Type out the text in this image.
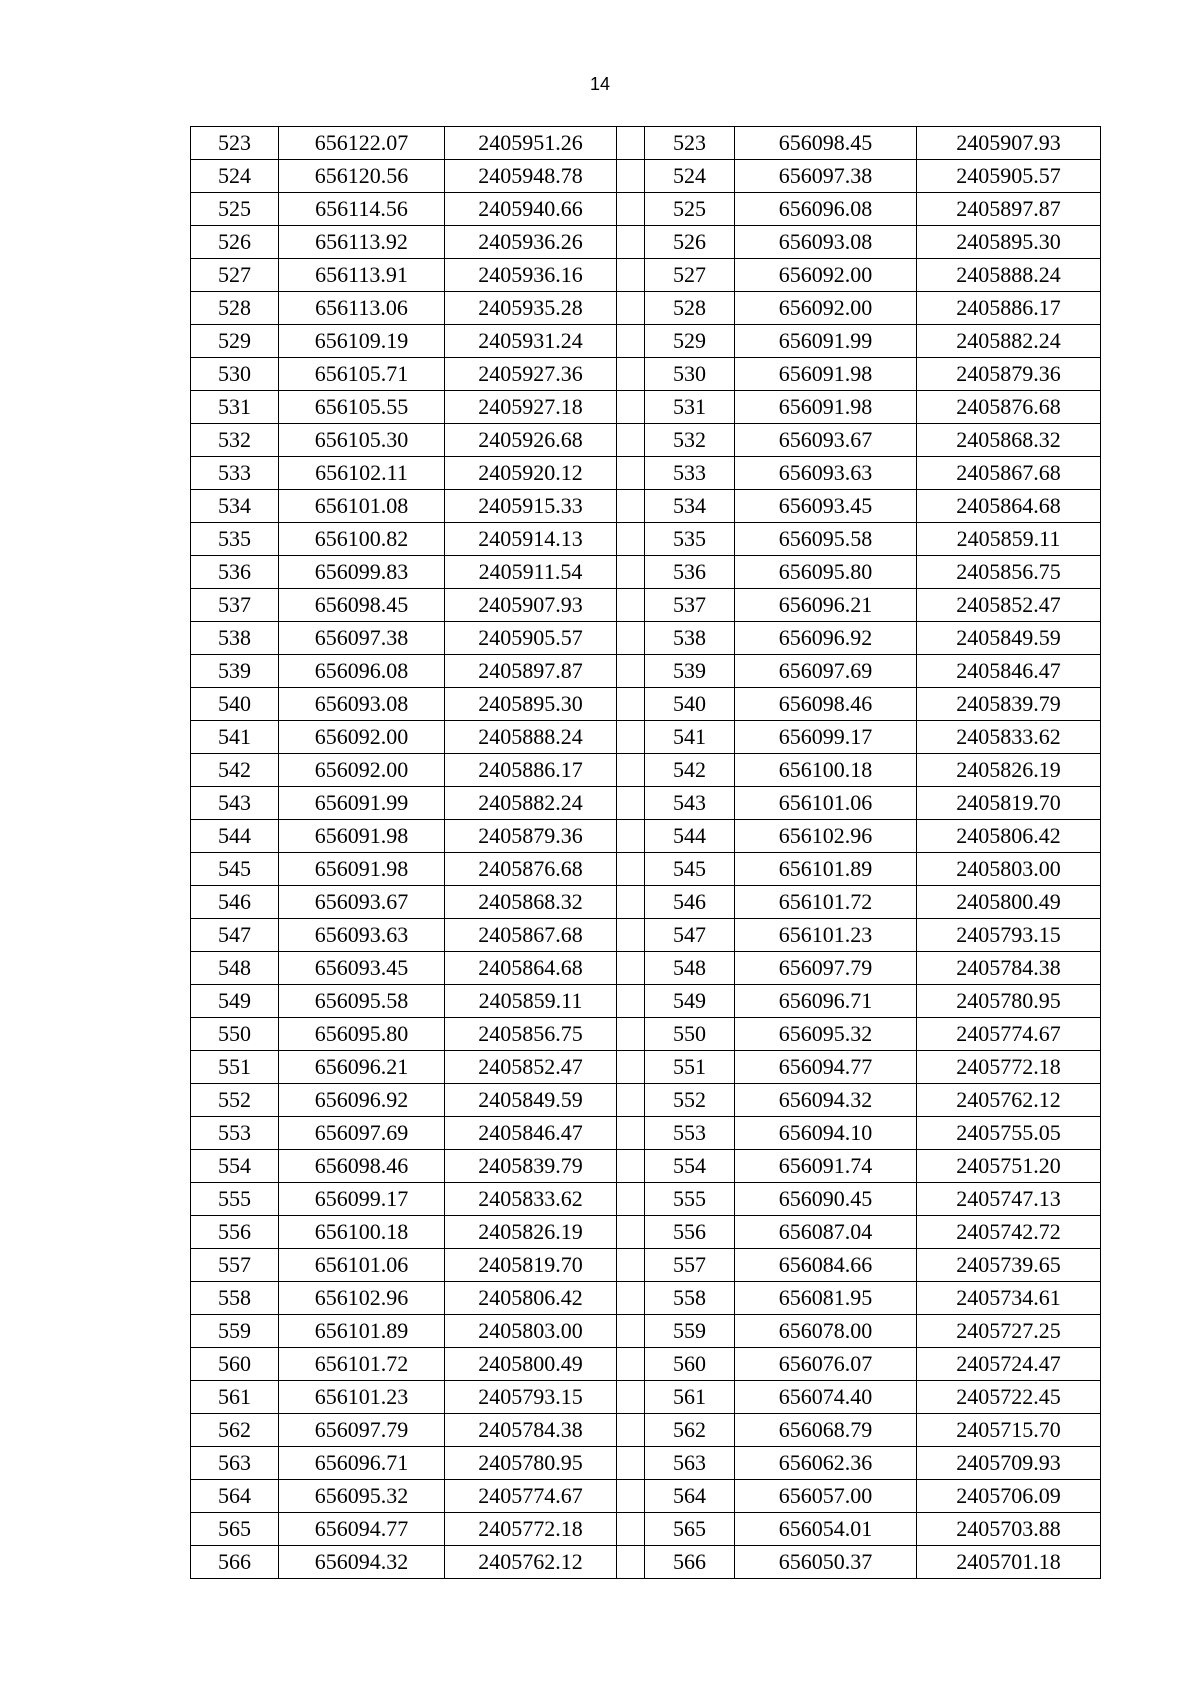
14
523	656122.07	2405951.26		523	656098.45	2405907.93
524	656120.56	2405948.78		524	656097.38	2405905.57
525	656114.56	2405940.66		525	656096.08	2405897.87
526	656113.92	2405936.26		526	656093.08	2405895.30
527	656113.91	2405936.16		527	656092.00	2405888.24
528	656113.06	2405935.28		528	656092.00	2405886.17
529	656109.19	2405931.24		529	656091.99	2405882.24
530	656105.71	2405927.36		530	656091.98	2405879.36
531	656105.55	2405927.18		531	656091.98	2405876.68
532	656105.30	2405926.68		532	656093.67	2405868.32
533	656102.11	2405920.12		533	656093.63	2405867.68
534	656101.08	2405915.33		534	656093.45	2405864.68
535	656100.82	2405914.13		535	656095.58	2405859.11
536	656099.83	2405911.54		536	656095.80	2405856.75
537	656098.45	2405907.93		537	656096.21	2405852.47
538	656097.38	2405905.57		538	656096.92	2405849.59
539	656096.08	2405897.87		539	656097.69	2405846.47
540	656093.08	2405895.30		540	656098.46	2405839.79
541	656092.00	2405888.24		541	656099.17	2405833.62
542	656092.00	2405886.17		542	656100.18	2405826.19
543	656091.99	2405882.24		543	656101.06	2405819.70
544	656091.98	2405879.36		544	656102.96	2405806.42
545	656091.98	2405876.68		545	656101.89	2405803.00
546	656093.67	2405868.32		546	656101.72	2405800.49
547	656093.63	2405867.68		547	656101.23	2405793.15
548	656093.45	2405864.68		548	656097.79	2405784.38
549	656095.58	2405859.11		549	656096.71	2405780.95
550	656095.80	2405856.75		550	656095.32	2405774.67
551	656096.21	2405852.47		551	656094.77	2405772.18
552	656096.92	2405849.59		552	656094.32	2405762.12
553	656097.69	2405846.47		553	656094.10	2405755.05
554	656098.46	2405839.79		554	656091.74	2405751.20
555	656099.17	2405833.62		555	656090.45	2405747.13
556	656100.18	2405826.19		556	656087.04	2405742.72
557	656101.06	2405819.70		557	656084.66	2405739.65
558	656102.96	2405806.42		558	656081.95	2405734.61
559	656101.89	2405803.00		559	656078.00	2405727.25
560	656101.72	2405800.49		560	656076.07	2405724.47
561	656101.23	2405793.15		561	656074.40	2405722.45
562	656097.79	2405784.38		562	656068.79	2405715.70
563	656096.71	2405780.95		563	656062.36	2405709.93
564	656095.32	2405774.67		564	656057.00	2405706.09
565	656094.77	2405772.18		565	656054.01	2405703.88
566	656094.32	2405762.12		566	656050.37	2405701.18
